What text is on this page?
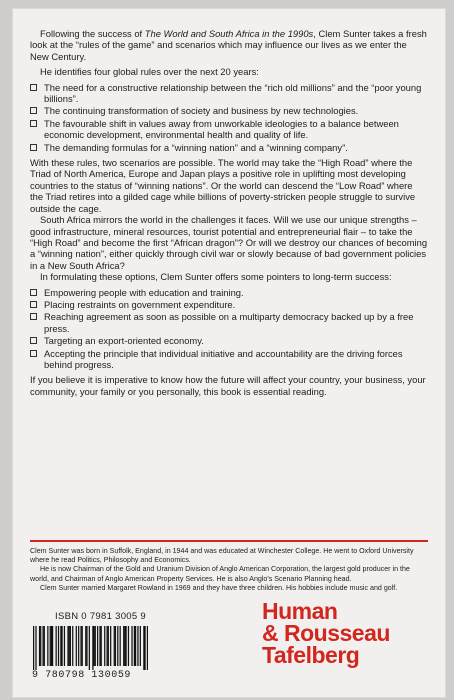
Following the success of The World and South Africa in the 1990s, Clem Sunter takes a fresh look at the “rules of the game” and scenarios which may influence our lives as we enter the New Century.

He identifies four global rules over the next 20 years:

The need for a constructive relationship between the “rich old millions” and the “poor young billions”.
The continuing transformation of society and business by new technologies.
The favourable shift in values away from unworkable ideologies to a balance between economic development, environmental health and quality of life.
The demanding formulas for a “winning nation” and a “winning company”.

With these rules, two scenarios are possible. The world may take the “High Road” where the Triad of North America, Europe and Japan plays a positive role in uplifting most developing countries to the status of “winning nations”. Or the world can descend the “Low Road” where the Triad retires into a gilded cage while billions of poverty-stricken people struggle to survive outside the cage.

South Africa mirrors the world in the challenges it faces. Will we use our unique strengths – good infrastructure, mineral resources, tourist potential and entrepreneurial flair – to take the “High Road” and become the first “African dragon”? Or will we destroy our chances of becoming a “winning nation”, either quickly through civil war or slowly because of bad government policies in a New South Africa?

In formulating these options, Clem Sunter offers some pointers to long-term success:

Empowering people with education and training.
Placing restraints on government expenditure.
Reaching agreement as soon as possible on a multiparty democracy backed up by a free press.
Targeting an export-oriented economy.
Accepting the principle that individual initiative and accountability are the driving forces behind progress.

If you believe it is imperative to know how the future will affect your country, your business, your community, your family or you personally, this book is essential reading.

Clem Sunter was born in Suffolk, England, in 1944 and was educated at Winchester College. He went to Oxford University where he read Politics, Philosophy and Economics.

He is now Chairman of the Gold and Uranium Division of Anglo American Corporation, the largest gold producer in the world, and Chairman of Anglo American Property Services. He is also Anglo's Scenario Planning head.

Clem Sunter married Margaret Rowland in 1969 and they have three children. His hobbies include music and golf.

ISBN 0 7981 3005 9
9 780798 130059
Human
& Rousseau
Tafelberg
